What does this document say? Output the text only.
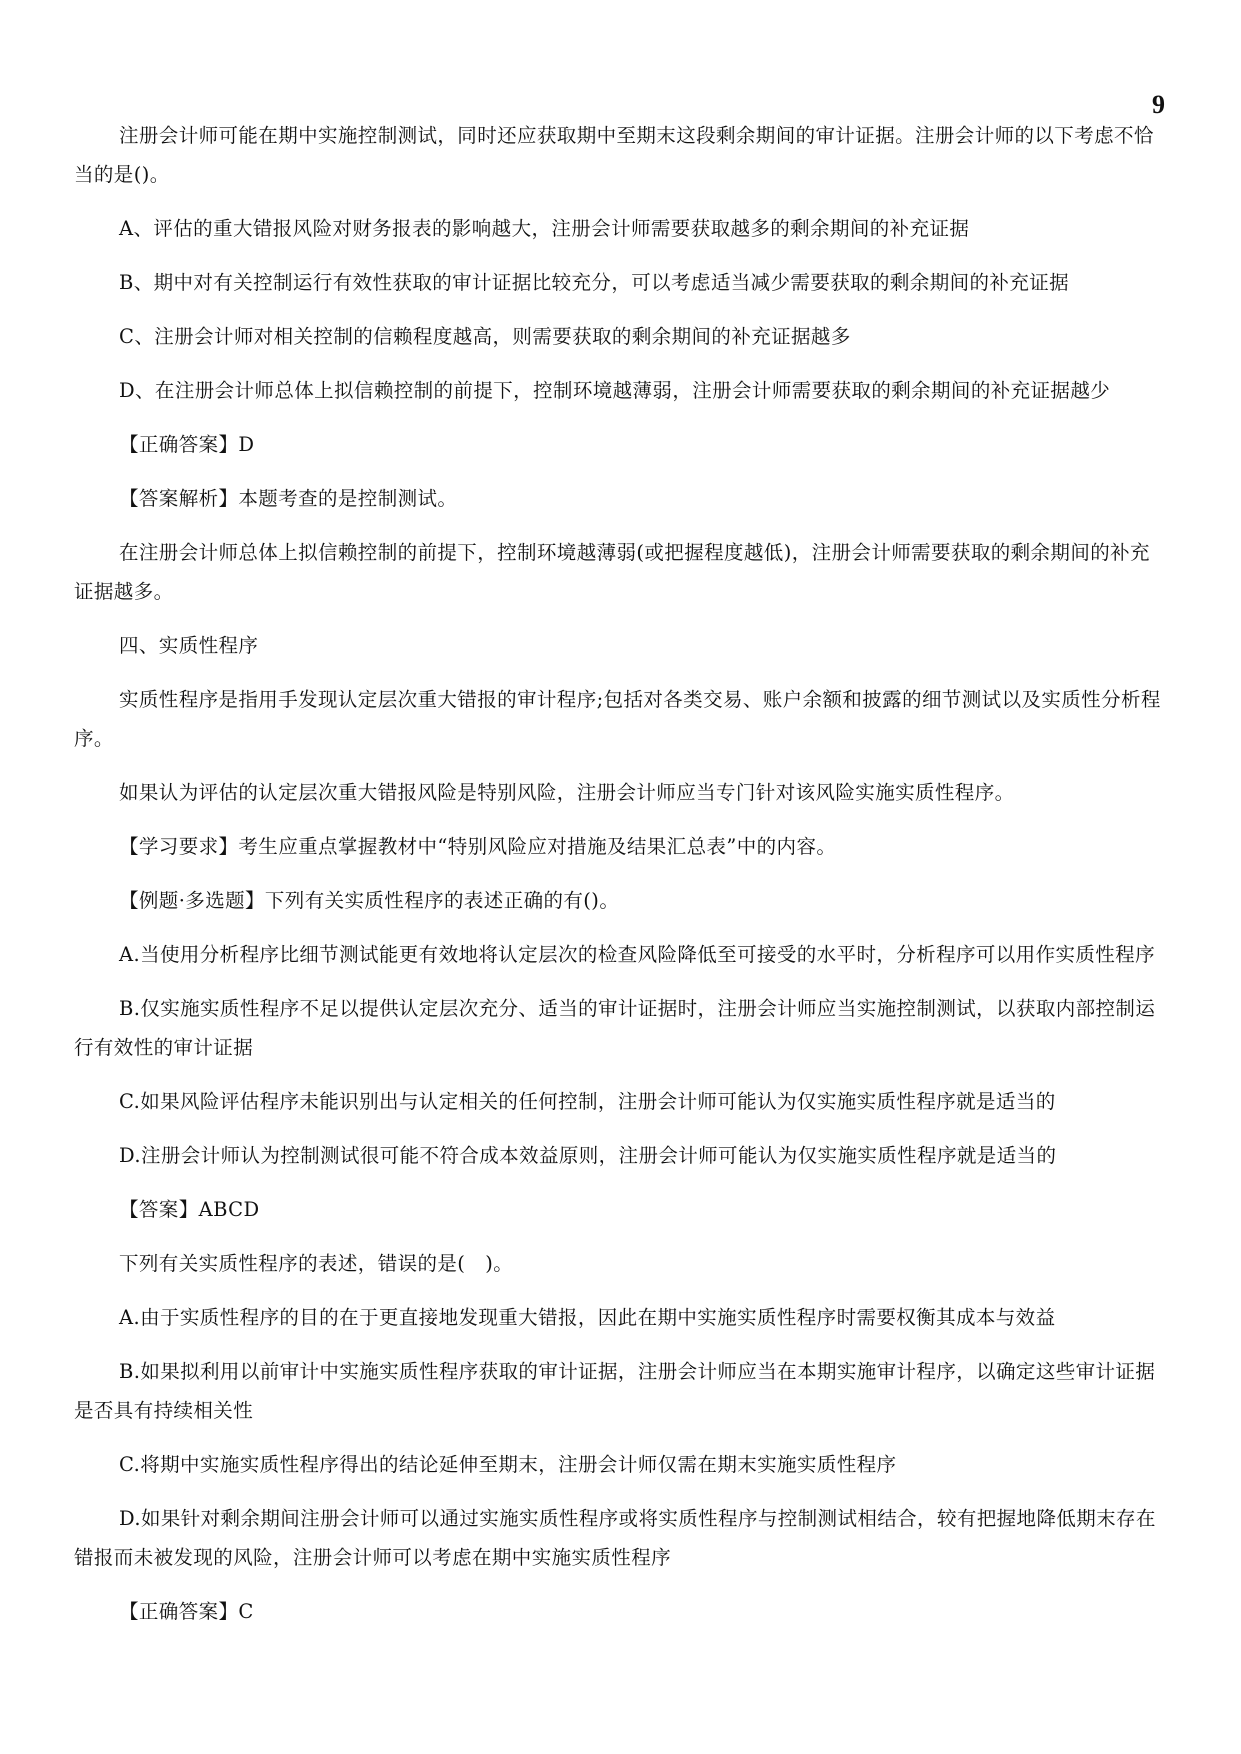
9

注册会计师可能在期中实施控制测试，同时还应获取期中至期末这段剩余期间的审计证据。注册会计师的以下考虑不恰当的是()。

A、评估的重大错报风险对财务报表的影响越大，注册会计师需要获取越多的剩余期间的补充证据

B、期中对有关控制运行有效性获取的审计证据比较充分，可以考虑适当减少需要获取的剩余期间的补充证据

C、注册会计师对相关控制的信赖程度越高，则需要获取的剩余期间的补充证据越多

D、在注册会计师总体上拟信赖控制的前提下，控制环境越薄弱，注册会计师需要获取的剩余期间的补充证据越少

【正确答案】D

【答案解析】本题考查的是控制测试。

在注册会计师总体上拟信赖控制的前提下，控制环境越薄弱(或把握程度越低)，注册会计师需要获取的剩余期间的补充证据越多。

四、实质性程序

实质性程序是指用手发现认定层次重大错报的审计程序;包括对各类交易、账户余额和披露的细节测试以及实质性分析程序。

如果认为评估的认定层次重大错报风险是特别风险，注册会计师应当专门针对该风险实施实质性程序。

【学习要求】考生应重点掌握教材中“特别风险应对措施及结果汇总表”中的内容。

【例题·多选题】下列有关实质性程序的表述正确的有()。

A.当使用分析程序比细节测试能更有效地将认定层次的检查风险降低至可接受的水平时，分析程序可以用作实质性程序

B.仅实施实质性程序不足以提供认定层次充分、适当的审计证据时，注册会计师应当实施控制测试，以获取内部控制运行有效性的审计证据

C.如果风险评估程序未能识别出与认定相关的任何控制，注册会计师可能认为仅实施实质性程序就是适当的

D.注册会计师认为控制测试很可能不符合成本效益原则，注册会计师可能认为仅实施实质性程序就是适当的

【答案】ABCD

下列有关实质性程序的表述，错误的是(　)。

A.由于实质性程序的目的在于更直接地发现重大错报，因此在期中实施实质性程序时需要权衡其成本与效益

B.如果拟利用以前审计中实施实质性程序获取的审计证据，注册会计师应当在本期实施审计程序，以确定这些审计证据是否具有持续相关性

C.将期中实施实质性程序得出的结论延伸至期末，注册会计师仅需在期末实施实质性程序

D.如果针对剩余期间注册会计师可以通过实施实质性程序或将实质性程序与控制测试相结合，较有把握地降低期末存在错报而未被发现的风险，注册会计师可以考虑在期中实施实质性程序

【正确答案】C
